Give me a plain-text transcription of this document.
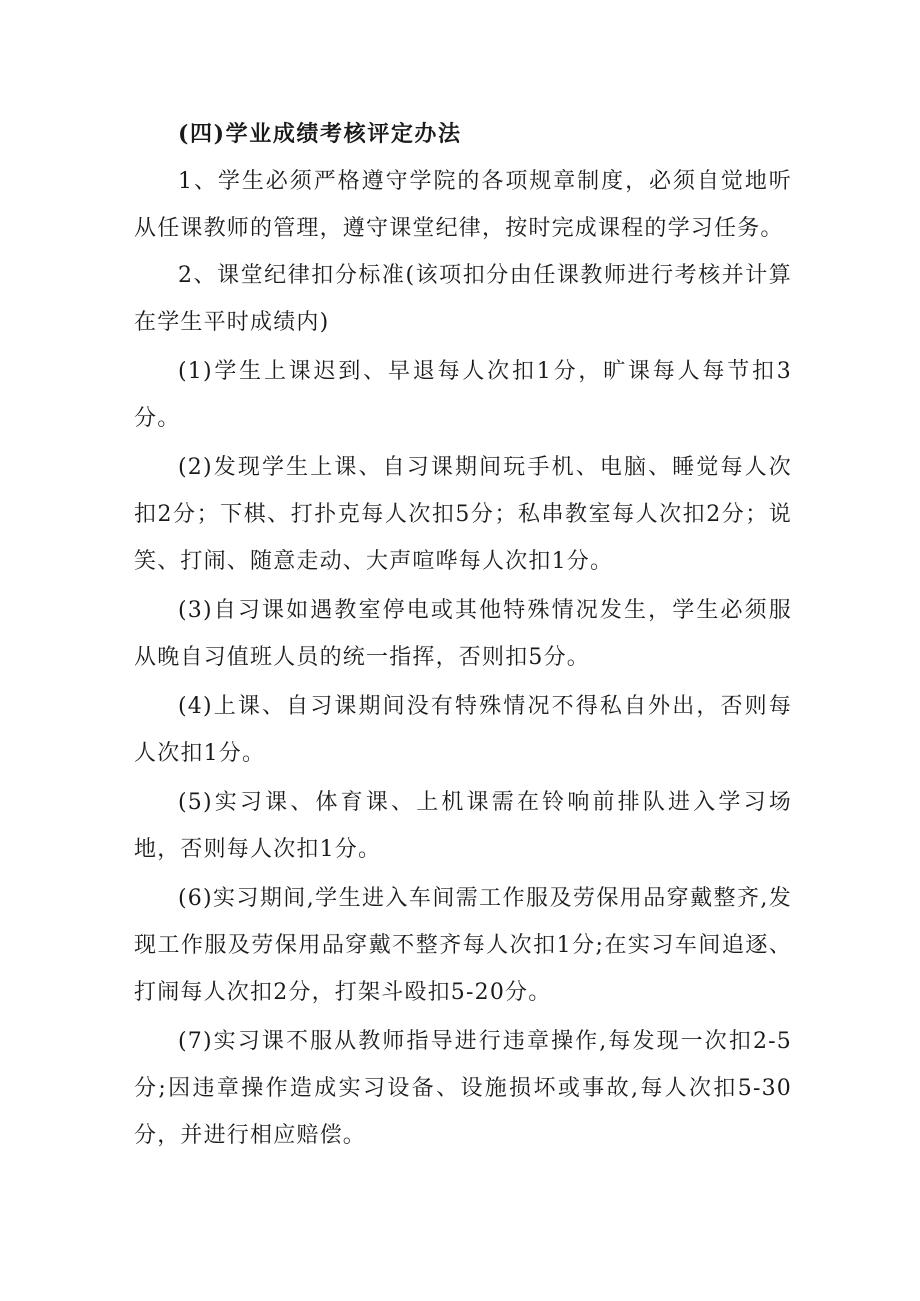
(四)学业成绩考核评定办法

1、学生必须严格遵守学院的各项规章制度，必须自觉地听从任课教师的管理，遵守课堂纪律，按时完成课程的学习任务。

2、课堂纪律扣分标准(该项扣分由任课教师进行考核并计算在学生平时成绩内)

(1)学生上课迟到、早退每人次扣1分，旷课每人每节扣3分。

(2)发现学生上课、自习课期间玩手机、电脑、睡觉每人次扣2分；下棋、打扑克每人次扣5分；私串教室每人次扣2分；说笑、打闹、随意走动、大声喧哗每人次扣1分。

(3)自习课如遇教室停电或其他特殊情况发生，学生必须服从晚自习值班人员的统一指挥，否则扣5分。

(4)上课、自习课期间没有特殊情况不得私自外出，否则每人次扣1分。

(5)实习课、体育课、上机课需在铃响前排队进入学习场地，否则每人次扣1分。

(6)实习期间,学生进入车间需工作服及劳保用品穿戴整齐,发现工作服及劳保用品穿戴不整齐每人次扣1分;在实习车间追逐、打闹每人次扣2分，打架斗殴扣5-20分。

(7)实习课不服从教师指导进行违章操作,每发现一次扣2-5分;因违章操作造成实习设备、设施损坏或事故,每人次扣5-30分，并进行相应赔偿。
